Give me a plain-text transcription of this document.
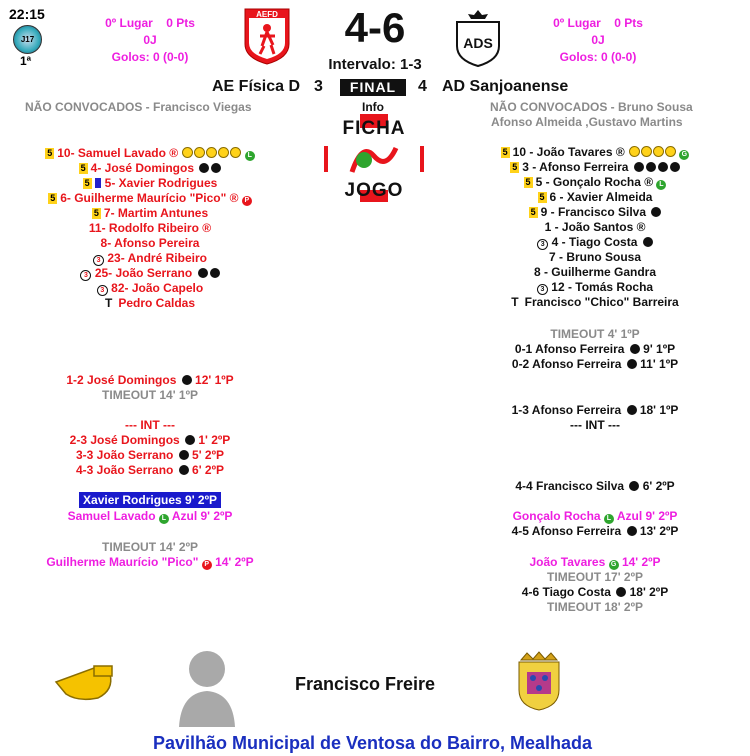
22:15
J17
1ª
0º Lugar 0 Pts
0J
Golos: 0 (0-0)
AEFD	4-6
Intervalo: 1-3
ADS
0º Lugar 0 Pts
0J
Golos: 0 (0-0)
AE Física D 3	FINAL	4 AD Sanjoanense
Info
FICHA
JOGO
NÃO CONVOCADOS - Francisco Viegas	NÃO CONVOCADOS - Bruno Sousa
Afonso Almeida ,Gustavo Martins
5 10- Samuel Lavado ®	L
5 4- José Domingos
5 5- Xavier Rodrigues
5 6- Guilherme Maurício "Pico" ® P
5 7- Martim Antunes
11- Rodolfo Ribeiro ®
8- Afonso Pereira
3 23- André Ribeiro
3 25- João Serrano
3 82- João Capelo
T Pedro Caldas
5 10 - João Tavares ®	G
5 3 - Afonso Ferreira
5 5 - Gonçalo Rocha ® L
5 6 - Xavier Almeida
5 9 - Francisco Silva
1 - João Santos ®
3 4 - Tiago Costa
7 - Bruno Sousa
8 - Guilherme Gandra
3 12 - Tomás Rocha
T Francisco "Chico" Barreira
1-2 José Domingos  12' 1ºP
TIMEOUT 14' 1ºP
--- INT ---
2-3 José Domingos  1' 2ºP
3-3 João Serrano  5' 2ºP
4-3 João Serrano  6' 2ºP
Xavier Rodrigues 9' 2ºP
Samuel Lavado L Azul 9' 2ºP
TIMEOUT 14' 2ºP
Guilherme Maurício "Pico" P 14' 2ºP
TIMEOUT 4' 1ºP
0-1 Afonso Ferreira  9' 1ºP
0-2 Afonso Ferreira  11' 1ºP
1-3 Afonso Ferreira  18' 1ºP
--- INT ---
4-4 Francisco Silva  6' 2ºP
Gonçalo Rocha L Azul 9' 2ºP
4-5 Afonso Ferreira  13' 2ºP
João Tavares G 14' 2ºP
TIMEOUT 17' 2ºP
4-6 Tiago Costa  18' 2ºP
TIMEOUT 18' 2ºP
Francisco Freire
Pavilhão Municipal de Ventosa do Bairro, Mealhada
